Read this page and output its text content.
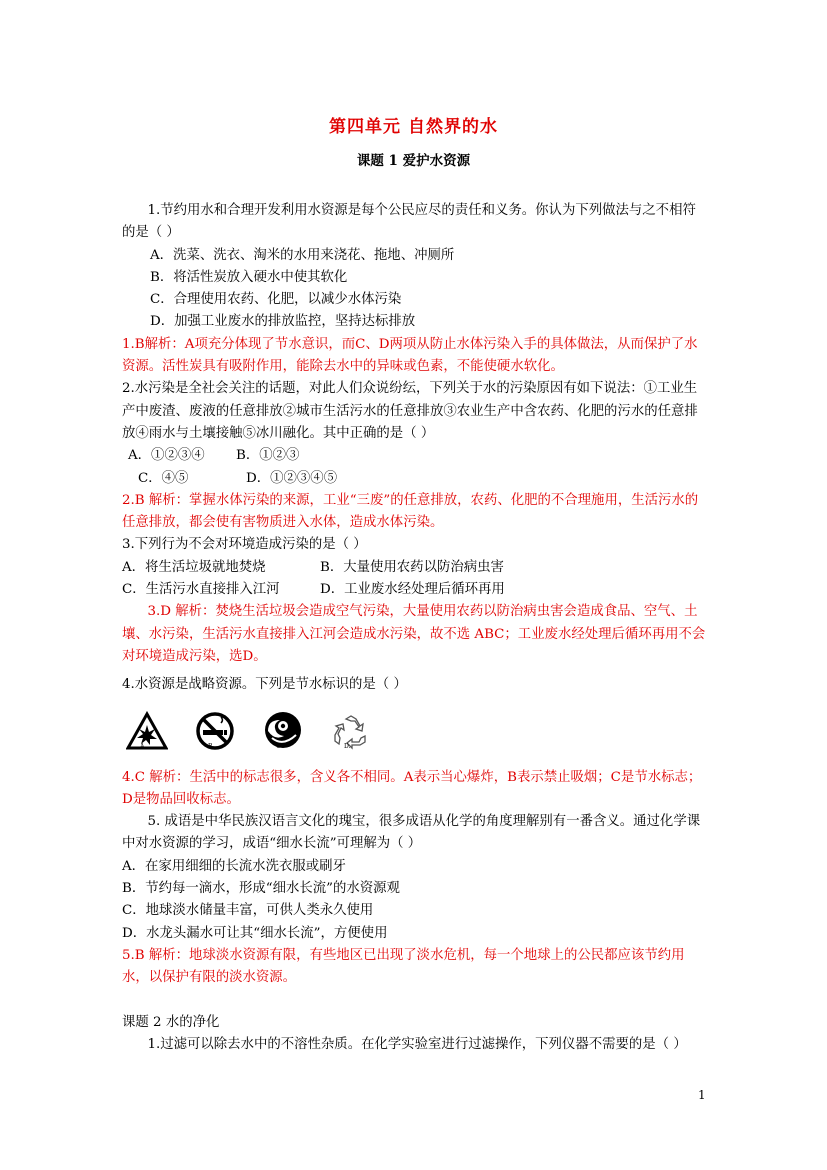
第四单元 自然界的水
课题 1 爱护水资源

1.节约用水和合理开发利用水资源是每个公民应尽的责任和义务。你认为下列做法与之不相符的是（ ）

A．洗菜、洗衣、淘米的水用来浇花、拖地、冲厕所

B．将活性炭放入硬水中使其软化

C．合理使用农药、化肥，以减少水体污染

D．加强工业废水的排放监控，坚持达标排放

1.B解析：A项充分体现了节水意识，而C、D两项从防止水体污染入手的具体做法，从而保护了水资源。活性炭具有吸附作用，能除去水中的异味或色素，不能使硬水软化。

2.水污染是全社会关注的话题，对此人们众说纷纭，下列关于水的污染原因有如下说法：①工业生产中废渣、废液的任意排放②城市生活污水的任意排放③农业生产中含农药、化肥的污水的任意排放④雨水与土壤接触⑤冰川融化。其中正确的是（ ）

A．①②③④	B．①②③

C．④⑤	D．①②③④⑤

2.B 解析：掌握水体污染的来源，工业“三废”的任意排放，农药、化肥的不合理施用，生活污水的任意排放，都会使有害物质进入水体，造成水体污染。

3.下列行为不会对环境造成污染的是（ ）

A．将生活垃圾就地焚烧	B．大量使用农药以防治病虫害

C．生活污水直接排入江河	D．工业废水经处理后循环再用

3.D 解析：焚烧生活垃圾会造成空气污染，大量使用农药以防治病虫害会造成食品、空气、土壤、水污染，生活污水直接排入江河会造成水污染，故不选 ABC；工业废水经处理后循环再用不会对环境造成污染，选D。

4.水资源是战略资源。下列是节水标识的是（ ）

A.	B.	C	D.

4.C 解析：生活中的标志很多，含义各不相同。A表示当心爆炸，B表示禁止吸烟；C是节水标志；D是物品回收标志。

5. 成语是中华民族汉语言文化的瑰宝，很多成语从化学的角度理解别有一番含义。通过化学课中对水资源的学习，成语“细水长流”可理解为（ ）

A．在家用细细的长流水洗衣服或刷牙

B．节约每一滴水，形成“细水长流”的水资源观

C．地球淡水储量丰富，可供人类永久使用

D．水龙头漏水可让其“细水长流”，方便使用

5.B 解析：地球淡水资源有限，有些地区已出现了淡水危机，每一个地球上的公民都应该节约用水，以保护有限的淡水资源。

课题 2 水的净化

1.过滤可以除去水中的不溶性杂质。在化学实验室进行过滤操作，下列仪器不需要的是（ ）

1
